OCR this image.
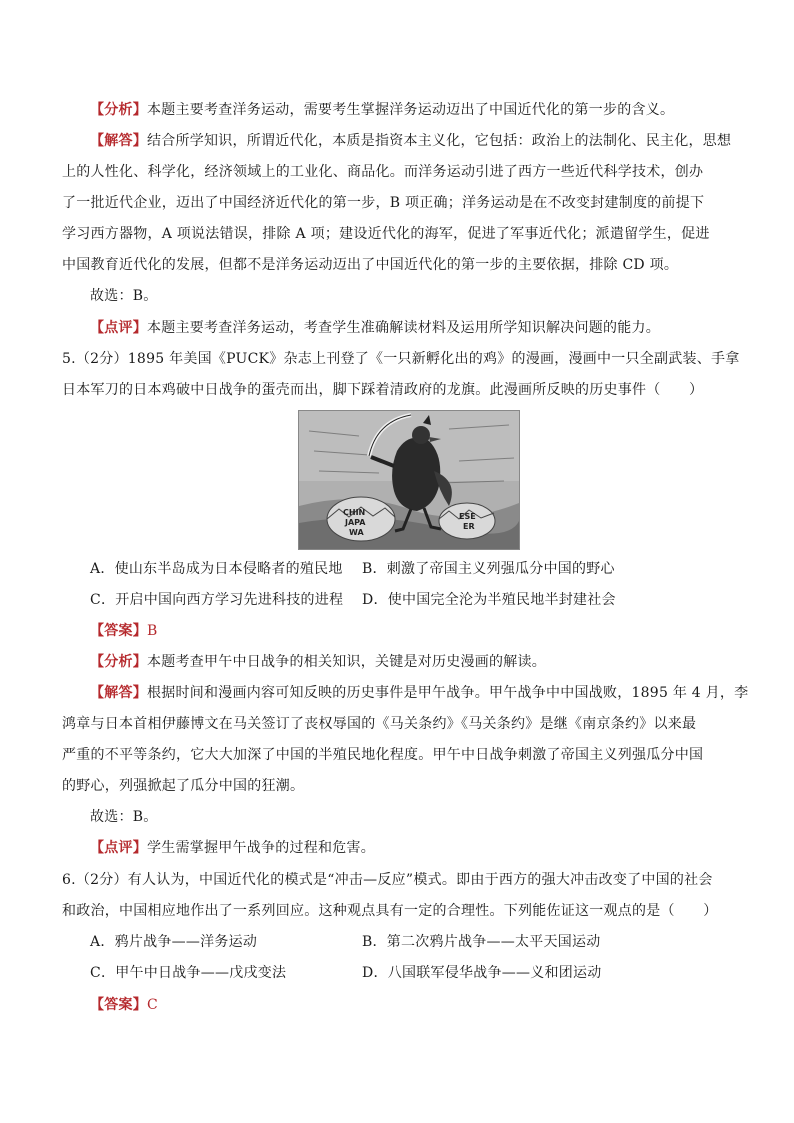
【分析】本题主要考查洋务运动，需要考生掌握洋务运动迈出了中国近代化的第一步的含义。
【解答】结合所学知识，所谓近代化，本质是指资本主义化，它包括：政治上的法制化、民主化，思想
上的人性化、科学化，经济领域上的工业化、商品化。而洋务运动引进了西方一些近代科学技术，创办
了一批近代企业，迈出了中国经济近代化的第一步，B 项正确；洋务运动是在不改变封建制度的前提下
学习西方器物，A 项说法错误，排除 A 项；建设近代化的海军，促进了军事近代化；派遣留学生，促进
中国教育近代化的发展，但都不是洋务运动迈出了中国近代化的第一步的主要依据，排除 CD 项。
故选：B。
【点评】本题主要考查洋务运动，考查学生准确解读材料及运用所学知识解决问题的能力。
5.（2分）1895 年美国《PUCK》杂志上刊登了《一只新孵化出的鸡》的漫画，漫画中一只全副武装、手拿
日本军刀的日本鸡破中日战争的蛋壳而出，脚下踩着清政府的龙旗。此漫画所反映的历史事件（　　）
CHIN
JAPA
WA
ESE
ER
A．使山东半岛成为日本侵略者的殖民地 B．刺激了帝国主义列强瓜分中国的野心
C．开启中国向西方学习先进科技的进程 D．使中国完全沦为半殖民地半封建社会
【答案】B
【分析】本题考查甲午中日战争的相关知识，关键是对历史漫画的解读。
【解答】根据时间和漫画内容可知反映的历史事件是甲午战争。甲午战争中中国战败，1895 年 4 月，李
鸿章与日本首相伊藤博文在马关签订了丧权辱国的《马关条约》《马关条约》是继《南京条约》以来最
严重的不平等条约，它大大加深了中国的半殖民地化程度。甲午中日战争刺激了帝国主义列强瓜分中国
的野心，列强掀起了瓜分中国的狂潮。
故选：B。
【点评】学生需掌握甲午战争的过程和危害。
6.（2分）有人认为，中国近代化的模式是“冲击—反应”模式。即由于西方的强大冲击改变了中国的社会
和政治，中国相应地作出了一系列回应。这种观点具有一定的合理性。下列能佐证这一观点的是（　　）
A．鸦片战争——洋务运动	B．第二次鸦片战争——太平天国运动
C．甲午中日战争——戊戌变法	D．八国联军侵华战争——义和团运动
【答案】C
